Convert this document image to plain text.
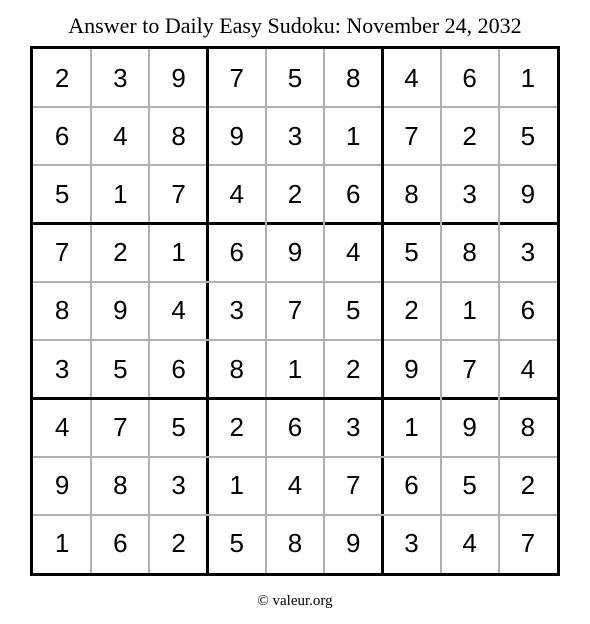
Answer to Daily Easy Sudoku: November 24, 2032
2	3	9	7	5	8	4	6	1
6	4	8	9	3	1	7	2	5
5	1	7	4	2	6	8	3	9
7	2	1	6	9	4	5	8	3
8	9	4	3	7	5	2	1	6
3	5	6	8	1	2	9	7	4
4	7	5	2	6	3	1	9	8
9	8	3	1	4	7	6	5	2
1	6	2	5	8	9	3	4	7
© valeur.org
